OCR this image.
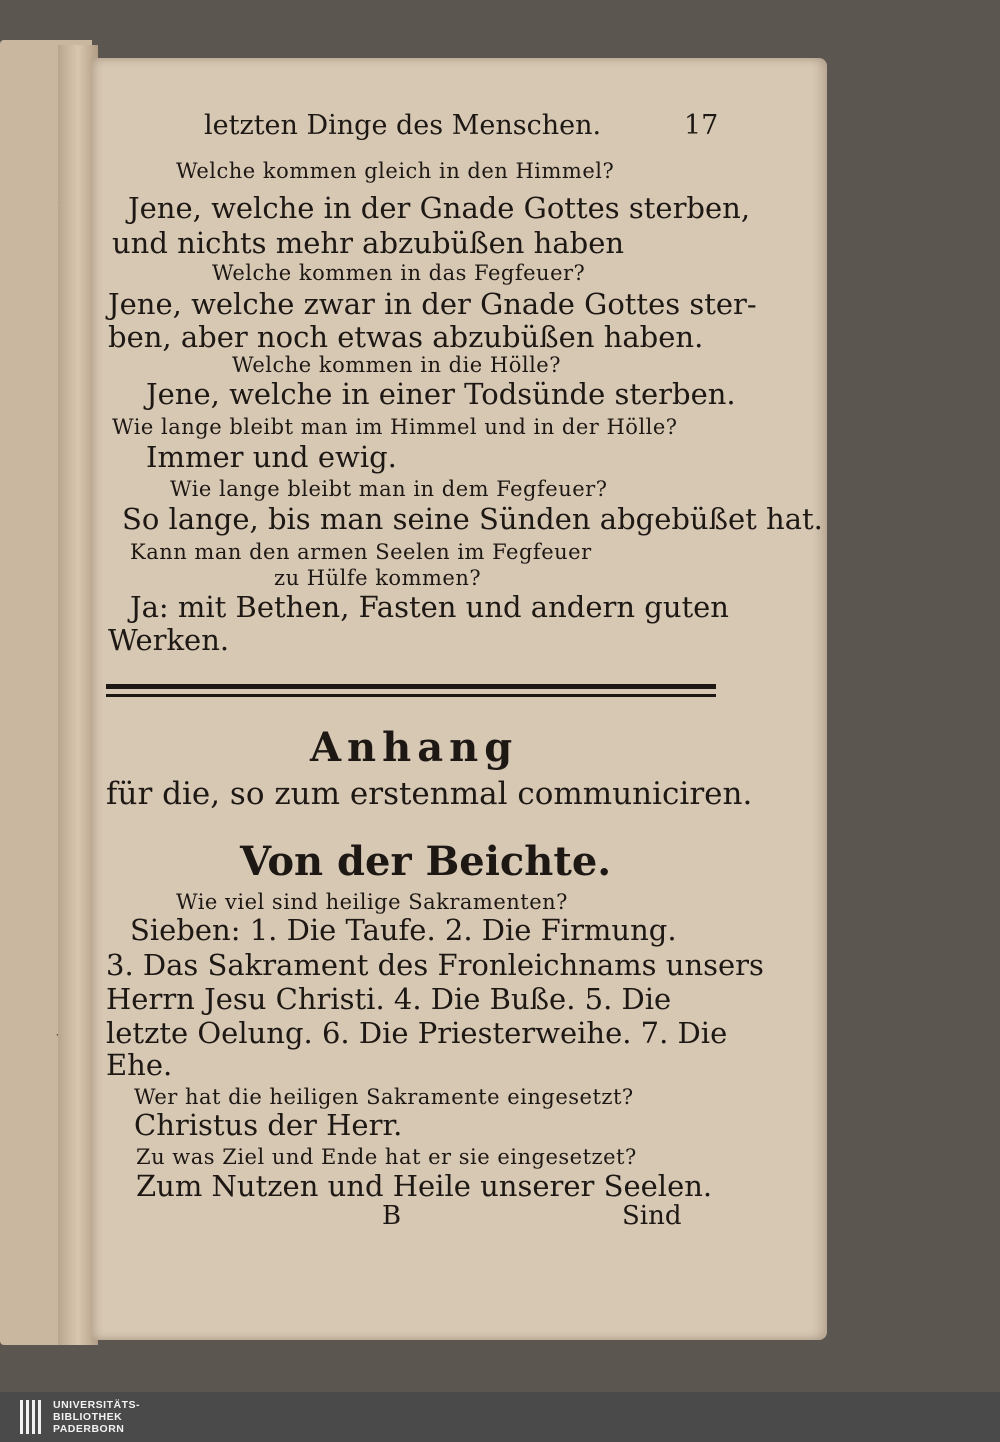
letzten Dinge des Menschen.	17
Welche kommen gleich in den Himmel?
Jene, welche in der Gnade Gottes sterben,
und nichts mehr abzubüßen haben
Welche kommen in das Fegfeuer?
Jene, welche zwar in der Gnade Gottes ster-
ben, aber noch etwas abzubüßen haben.
Welche kommen in die Hölle?
Jene, welche in einer Todsünde sterben.
Wie lange bleibt man im Himmel und in der Hölle?
Immer und ewig.
Wie lange bleibt man in dem Fegfeuer?
So lange, bis man seine Sünden abgebüßet hat.
Kann man den armen Seelen im Fegfeuer
zu Hülfe kommen?
Ja: mit Bethen, Fasten und andern guten
Werken.
Anhang
für die, so zum erstenmal communiciren.
Von der Beichte.
Wie viel sind heilige Sakramenten?
Sieben: 1. Die Taufe. 2. Die Firmung.
3. Das Sakrament des Fronleichnams unsers
Herrn Jesu Christi. 4. Die Buße. 5. Die
letzte Oelung. 6. Die Priesterweihe. 7. Die
Ehe.
Wer hat die heiligen Sakramente eingesetzt?
Christus der Herr.
Zu was Ziel und Ende hat er sie eingesetzet?
Zum Nutzen und Heile unserer Seelen.
B	Sind
UNIVERSITÄTS-
BIBLIOTHEK
PADERBORN
